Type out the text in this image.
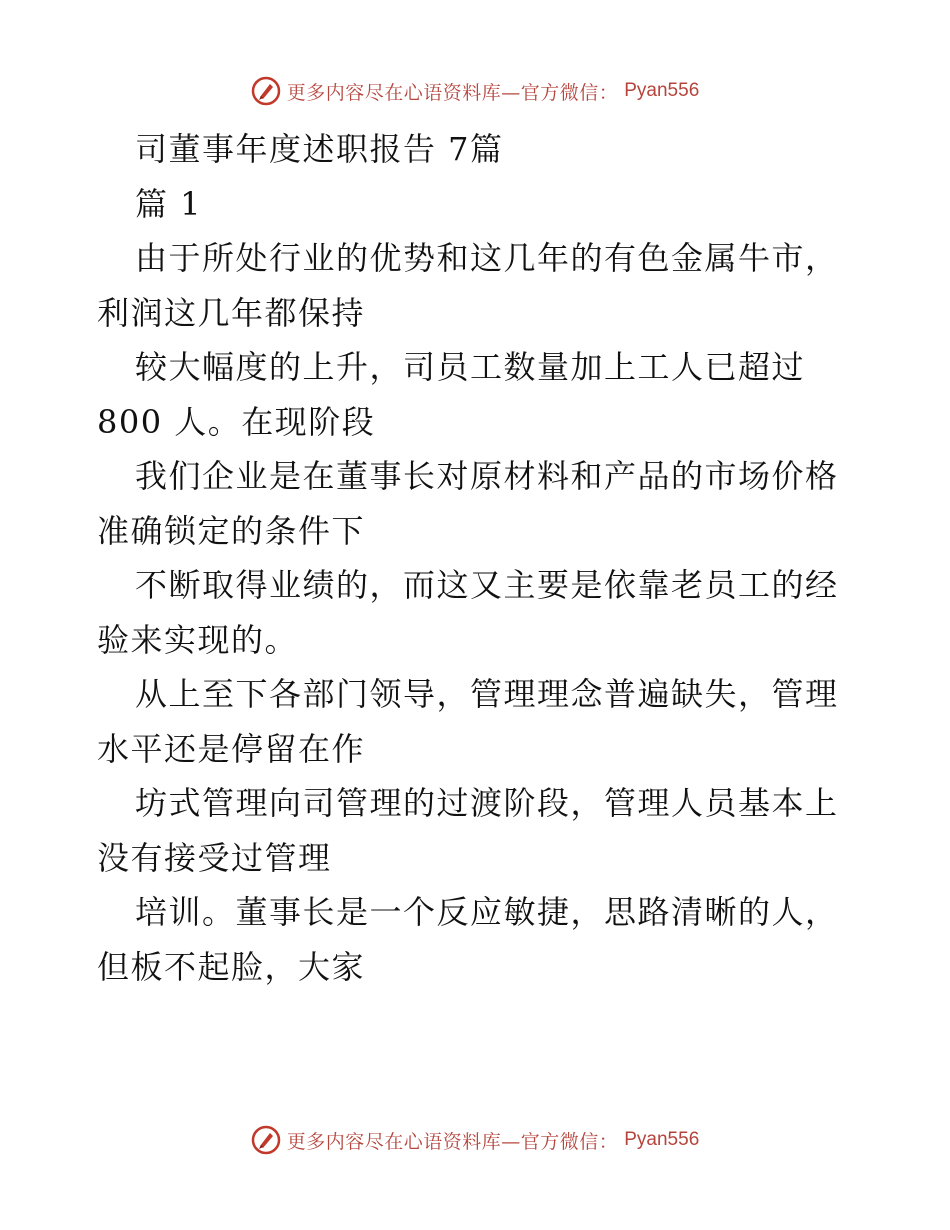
更多内容尽在心语资料库—官方微信： Pyan556
司董事年度述职报告 7篇
篇 1
由于所处行业的优势和这几年的有色金属牛市，
利润这几年都保持
较大幅度的上升，司员工数量加上工人已超过
800 人。在现阶段
我们企业是在董事长对原材料和产品的市场价格
准确锁定的条件下
不断取得业绩的，而这又主要是依靠老员工的经
验来实现的。
从上至下各部门领导，管理理念普遍缺失，管理
水平还是停留在作
坊式管理向司管理的过渡阶段，管理人员基本上
没有接受过管理
培训。董事长是一个反应敏捷，思路清晰的人，
但板不起脸，大家
更多内容尽在心语资料库—官方微信： Pyan556
